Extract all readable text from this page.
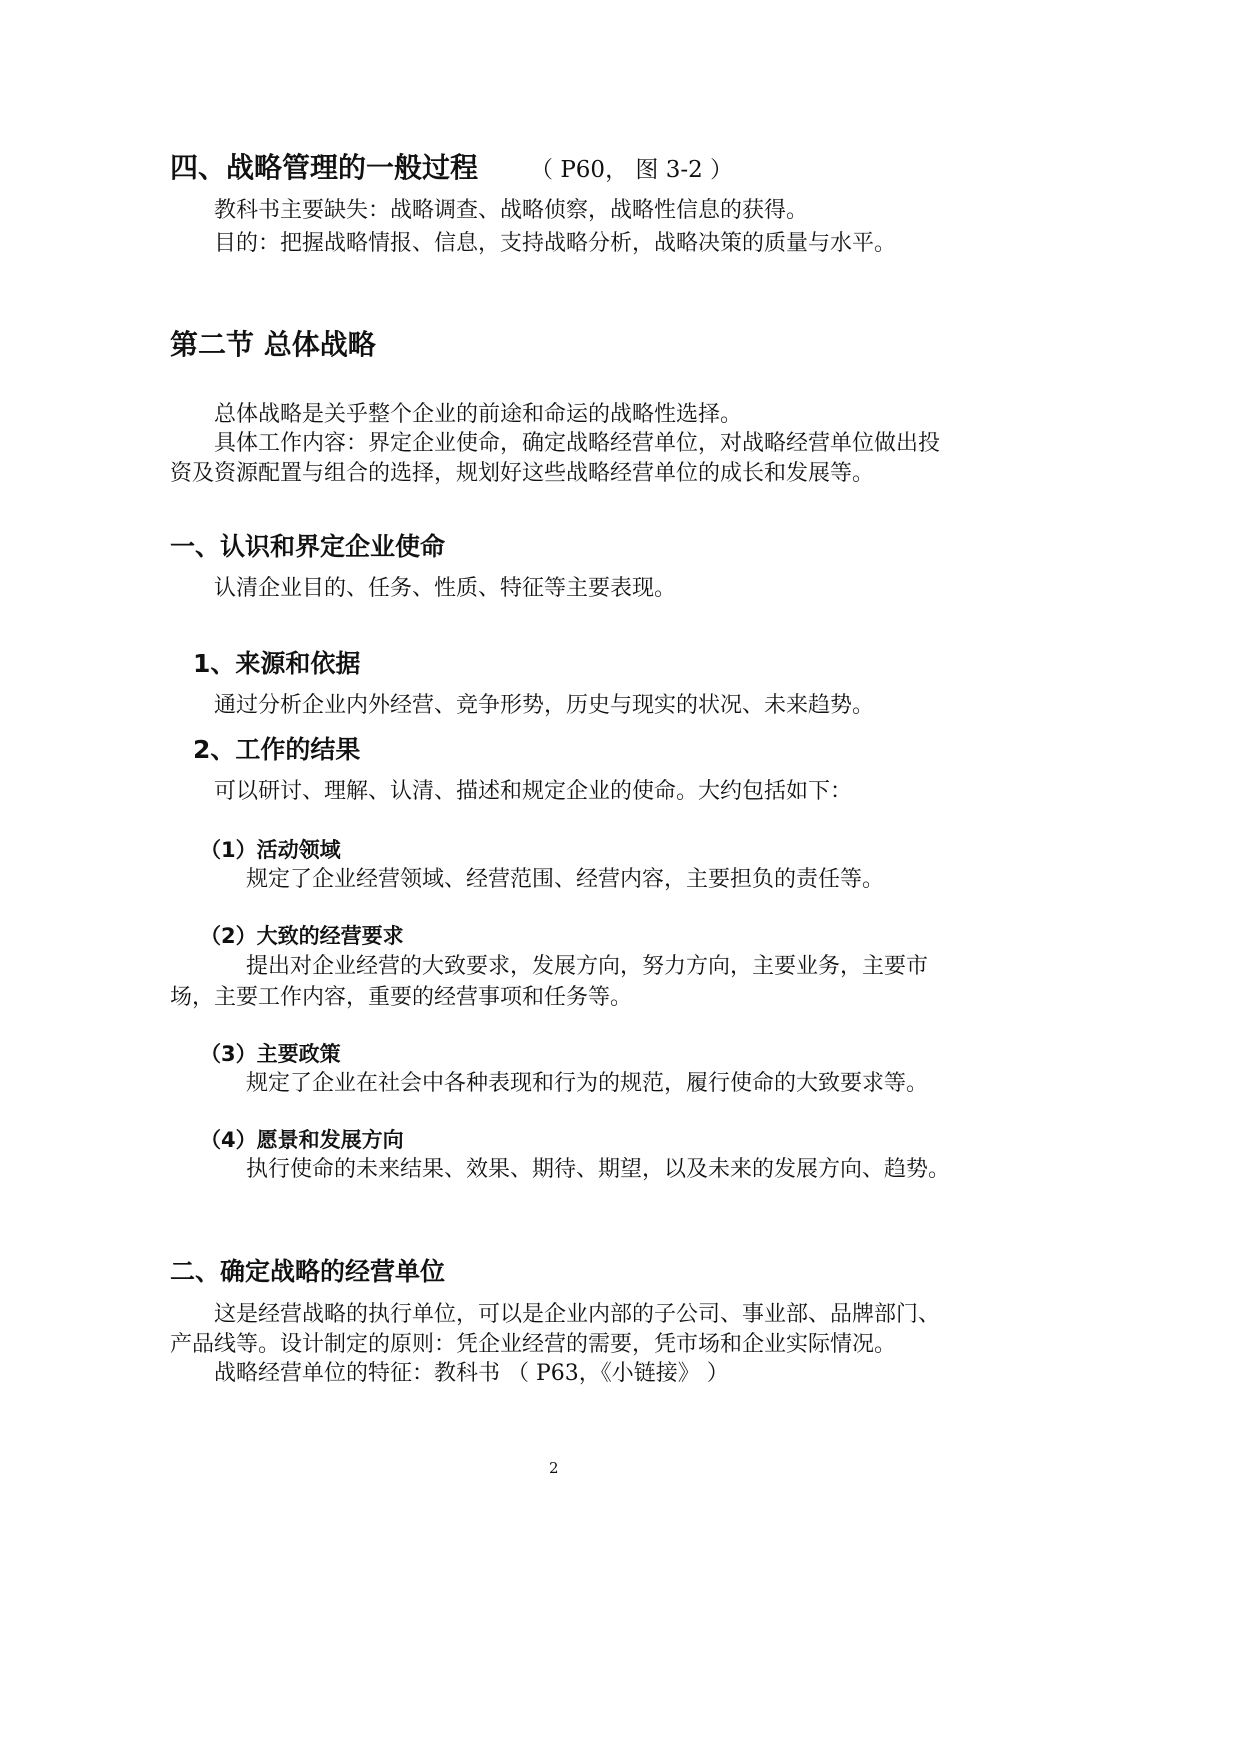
四、战略管理的一般过程 （ P60， 图 3-2 ）
教科书主要缺失：战略调查、战略侦察，战略性信息的获得。
目的：把握战略情报、信息，支持战略分析，战略决策的质量与水平。
第二节 总体战略
总体战略是关乎整个企业的前途和命运的战略性选择。
具体工作内容：界定企业使命，确定战略经营单位，对战略经营单位做出投
资及资源配置与组合的选择，规划好这些战略经营单位的成长和发展等。
一、认识和界定企业使命
认清企业目的、任务、性质、特征等主要表现。
1、来源和依据
通过分析企业内外经营、竞争形势，历史与现实的状况、未来趋势。
2、工作的结果
可以研讨、理解、认清、描述和规定企业的使命。大约包括如下：
（1）活动领域
规定了企业经营领域、经营范围、经营内容，主要担负的责任等。
（2）大致的经营要求
提出对企业经营的大致要求，发展方向，努力方向，主要业务，主要市
场，主要工作内容，重要的经营事项和任务等。
（3）主要政策
规定了企业在社会中各种表现和行为的规范，履行使命的大致要求等。
（4）愿景和发展方向
执行使命的未来结果、效果、期待、期望，以及未来的发展方向、趋势。
二、确定战略的经营单位
这是经营战略的执行单位，可以是企业内部的子公司、事业部、品牌部门、
产品线等。设计制定的原则：凭企业经营的需要，凭市场和企业实际情况。
战略经营单位的特征：教科书 （ P63，《小链接》 ）
2
